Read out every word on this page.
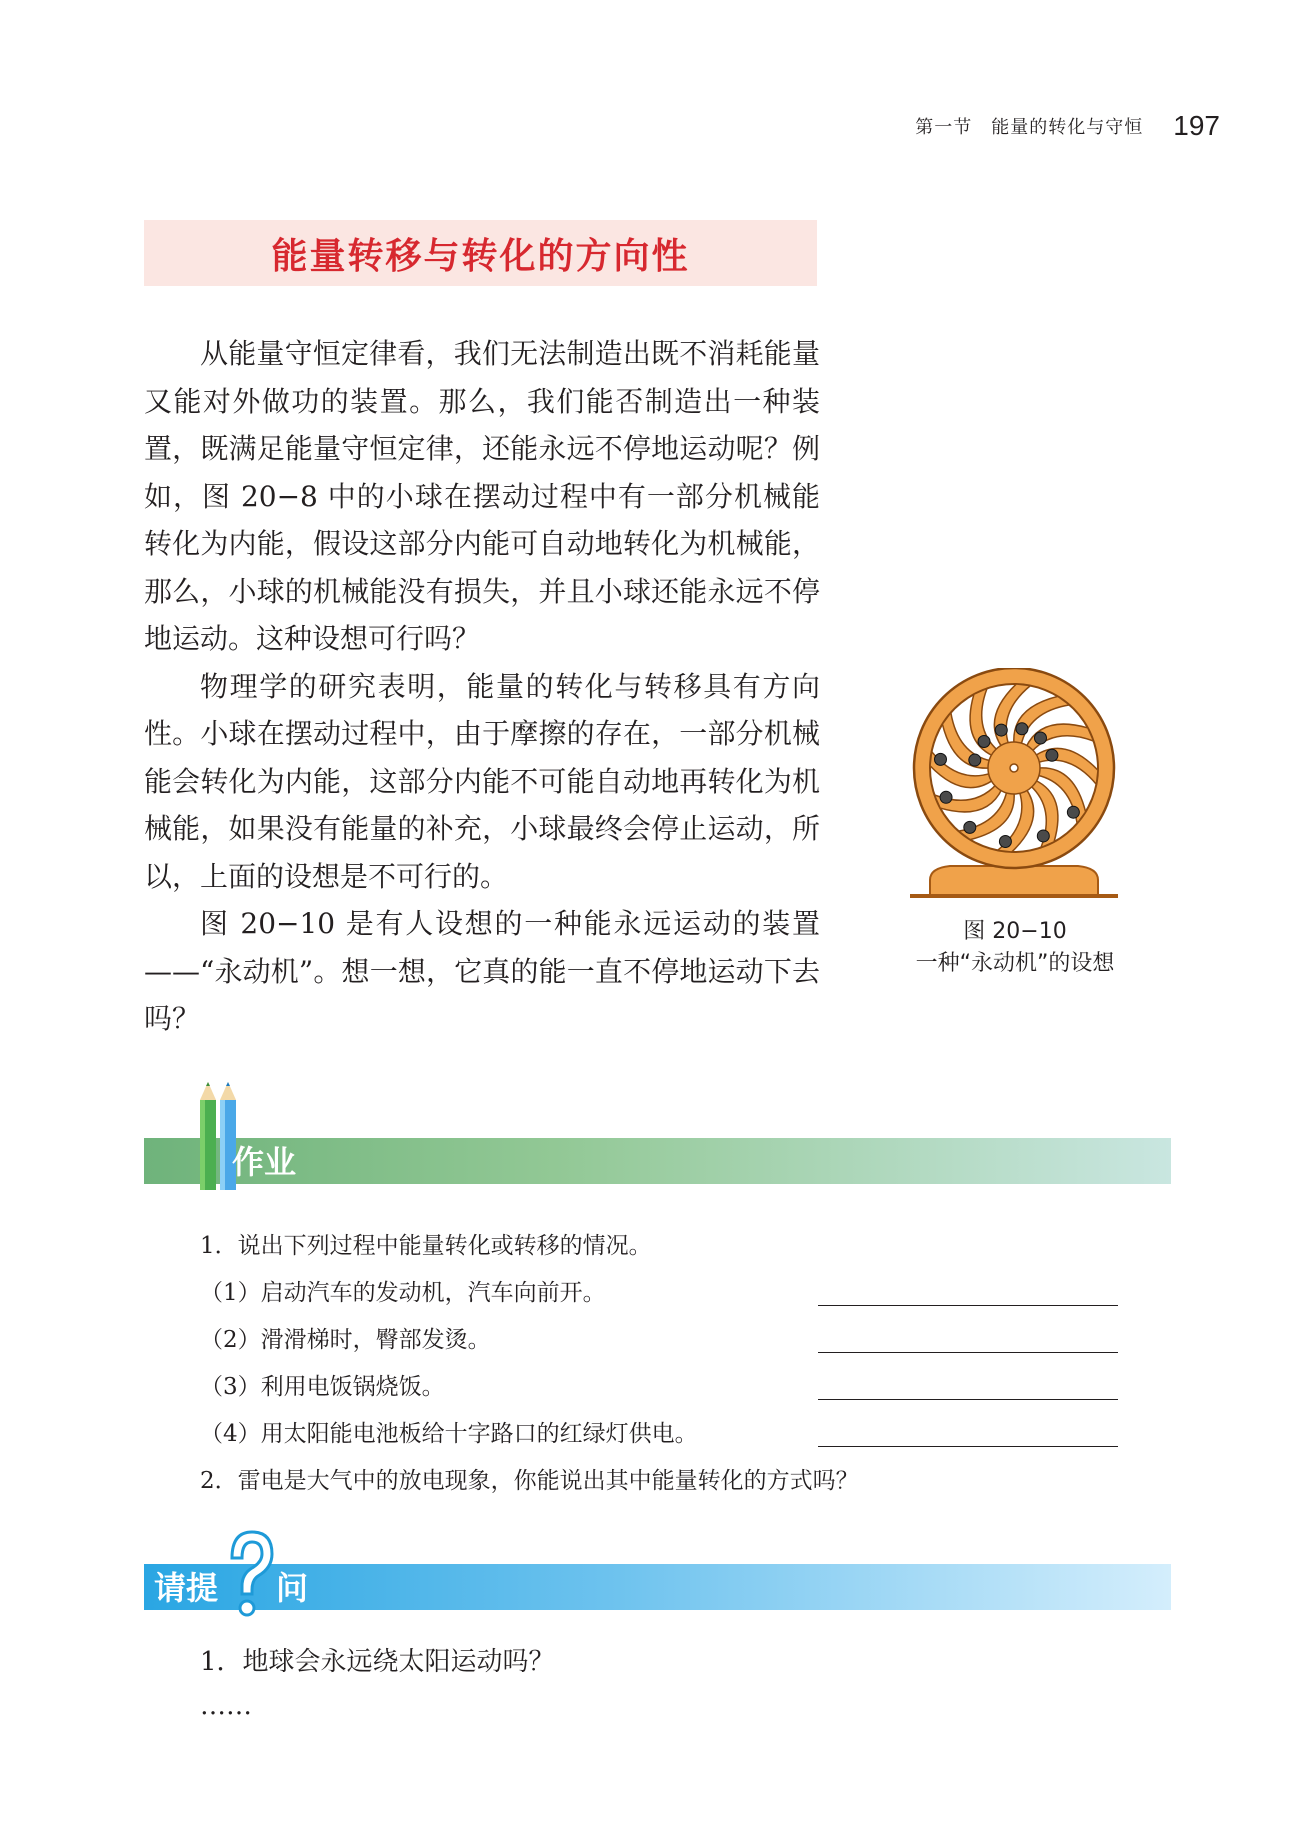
第一节　能量的转化与守恒 197
能量转移与转化的方向性

从能量守恒定律看，我们无法制造出既不消耗能量又能对外做功的装置。那么，我们能否制造出一种装置，既满足能量守恒定律，还能永远不停地运动呢？例如，图 20−8 中的小球在摆动过程中有一部分机械能转化为内能，假设这部分内能可自动地转化为机械能，那么，小球的机械能没有损失，并且小球还能永远不停地运动。这种设想可行吗？

物理学的研究表明，能量的转化与转移具有方向性。小球在摆动过程中，由于摩擦的存在，一部分机械能会转化为内能，这部分内能不可能自动地再转化为机械能，如果没有能量的补充，小球最终会停止运动，所以，上面的设想是不可行的。

图 20−10 是有人设想的一种能永远运动的装置——“永动机”。想一想，它真的能一直不停地运动下去吗？

图 20−10
一种“永动机”的设想
作业
1．说出下列过程中能量转化或转移的情况。
（1）启动汽车的发动机，汽车向前开。
（2）滑滑梯时，臀部发烫。
（3）利用电饭锅烧饭。
（4）用太阳能电池板给十字路口的红绿灯供电。
2．雷电是大气中的放电现象，你能说出其中能量转化的方式吗？
请提 问
1．地球会永远绕太阳运动吗？
……
